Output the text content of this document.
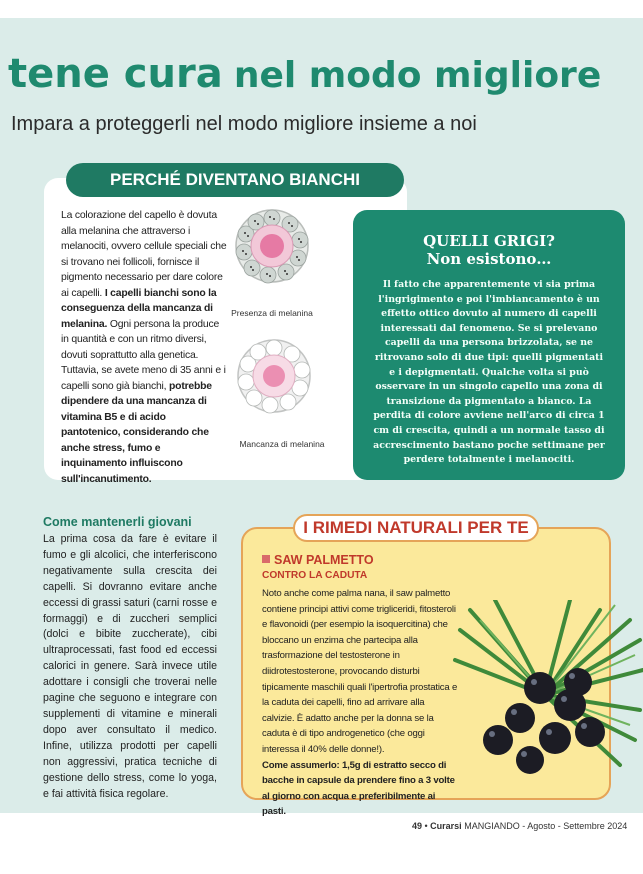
tene cura nel modo migliore

Impara a proteggerli nel modo migliore insieme a noi

PERCHÉ DIVENTANO BIANCHI

La colorazione del capello è dovuta alla melanina che attraverso i melanociti, ovvero cellule speciali che si trovano nei follicoli, fornisce il pigmento necessario per dare colore ai capelli. I capelli bianchi sono la conseguenza della mancanza di melanina. Ogni persona la produce in quantità e con un ritmo diversi, dovuti soprattutto alla genetica. Tuttavia, se avete meno di 35 anni e i capelli sono già bianchi, potrebbe dipendere da una mancanza di vitamina B5 e di acido pantotenico, considerando che anche stress, fumo e inquinamento influiscono sull'incanutimento.

Presenza di melanina
Mancanza di melanina

QUELLI GRIGI?
Non esistono…

Il fatto che apparentemente vi sia prima l'ingrigimento e poi l'imbiancamento è un effetto ottico dovuto al numero di capelli interessati dal fenomeno. Se si prelevano capelli da una persona brizzolata, se ne ritrovano solo di due tipi: quelli pigmentati e i depigmentati. Qualche volta si può osservare in un singolo capello una zona di transizione da pigmentato a bianco. La perdita di colore avviene nell'arco di circa 1 cm di crescita, quindi a un normale tasso di accrescimento bastano poche settimane per perdere totalmente i melanociti.

Come mantenerli giovani

La prima cosa da fare è evitare il fumo e gli alcolici, che interferiscono negativamente sulla crescita dei capelli. Si dovranno evitare anche eccessi di grassi saturi (carni rosse e formaggi) e di zuccheri semplici (dolci e bibite zuccherate), cibi ultraprocessati, fast food ed eccessi calorici in genere. Sarà invece utile adottare i consigli che troverai nelle pagine che seguono e integrare con supplementi di vitamine e minerali dopo aver consultato il medico. Infine, utilizza prodotti per capelli non aggressivi, pratica tecniche di gestione dello stress, come lo yoga, e fai attività fisica regolare.

I RIMEDI NATURALI PER TE

SAW PALMETTO

CONTRO LA CADUTA

Noto anche come palma nana, il saw palmetto contiene principi attivi come trigliceridi, fitosteroli e flavonoidi (per esempio la isoquercitina) che bloccano un enzima che partecipa alla trasformazione del testosterone in diidrotestosterone, provocando disturbi tipicamente maschili quali l'ipertrofia prostatica e la caduta dei capelli, fino ad arrivare alla calvizie. È adatto anche per la donna se la caduta è di tipo androgenetico (che oggi interessa il 40% delle donne!).
Come assumerlo: 1,5g di estratto secco di bacche in capsule da prendere fino a 3 volte al giorno con acqua e preferibilmente ai pasti.

49 • Curarsi MANGIANDO - Agosto - Settembre 2024
